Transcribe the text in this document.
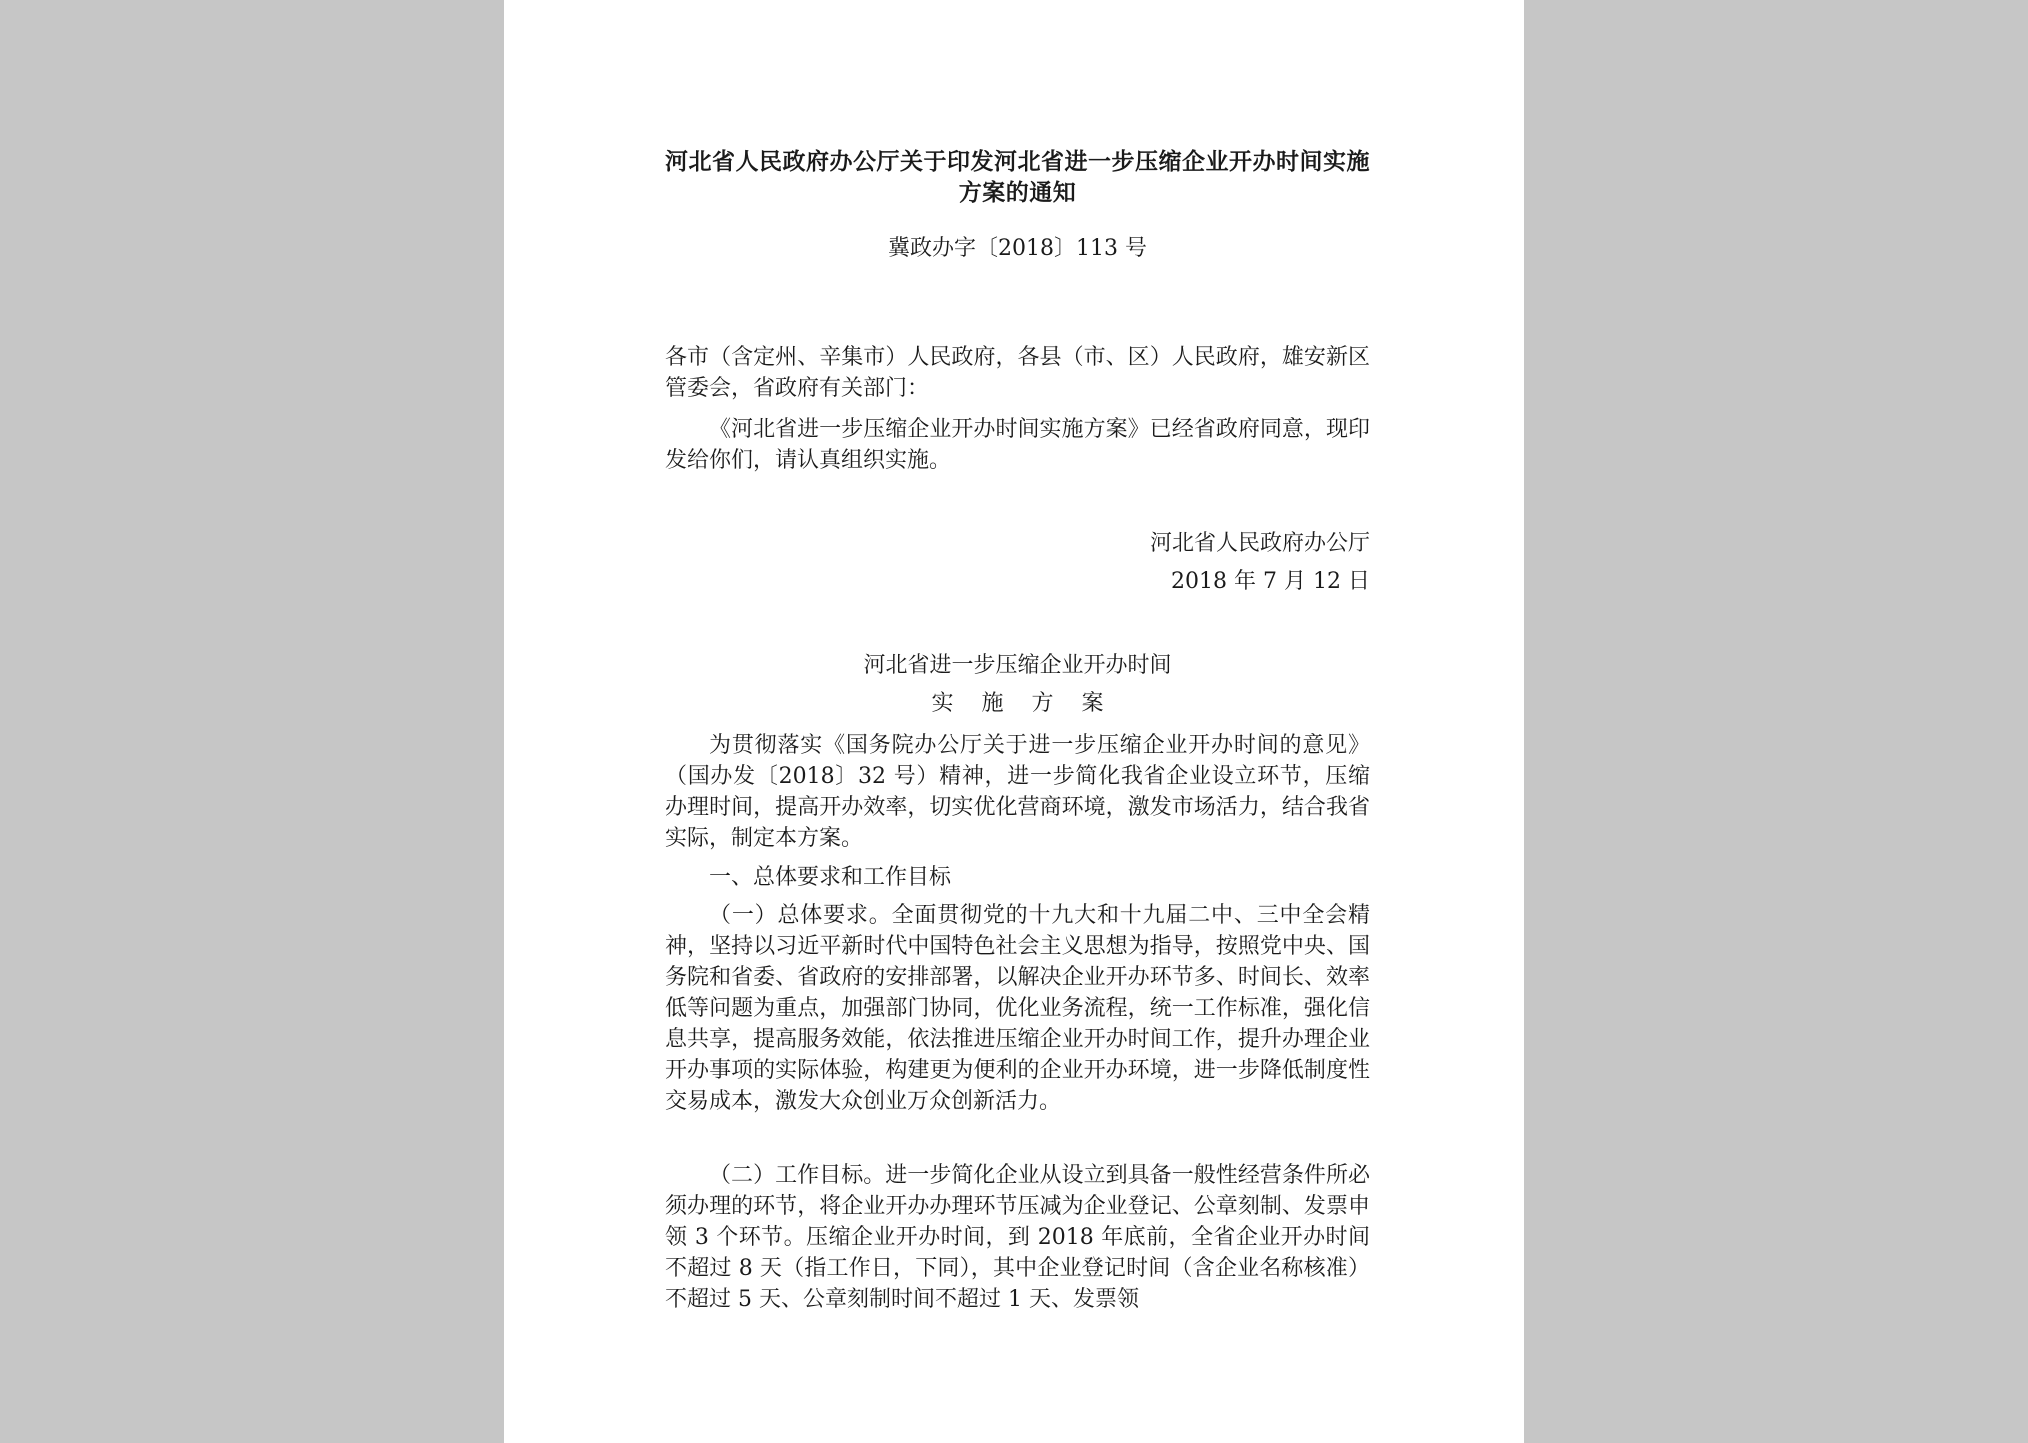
河北省人民政府办公厅关于印发河北省进一步压缩企业开办时间实施方案的通知
冀政办字〔2018〕113 号
各市（含定州、辛集市）人民政府，各县（市、区）人民政府，雄安新区管委会，省政府有关部门：
《河北省进一步压缩企业开办时间实施方案》已经省政府同意，现印发给你们，请认真组织实施。
河北省人民政府办公厅
2018 年 7 月 12 日
河北省进一步压缩企业开办时间
实施方案
为贯彻落实《国务院办公厅关于进一步压缩企业开办时间的意见》（国办发〔2018〕32 号）精神，进一步简化我省企业设立环节，压缩办理时间，提高开办效率，切实优化营商环境，激发市场活力，结合我省实际，制定本方案。
一、总体要求和工作目标
（一）总体要求。全面贯彻党的十九大和十九届二中、三中全会精神，坚持以习近平新时代中国特色社会主义思想为指导，按照党中央、国务院和省委、省政府的安排部署，以解决企业开办环节多、时间长、效率低等问题为重点，加强部门协同，优化业务流程，统一工作标准，强化信息共享，提高服务效能，依法推进压缩企业开办时间工作，提升办理企业开办事项的实际体验，构建更为便利的企业开办环境，进一步降低制度性交易成本，激发大众创业万众创新活力。
（二）工作目标。进一步简化企业从设立到具备一般性经营条件所必须办理的环节，将企业开办办理环节压减为企业登记、公章刻制、发票申领 3 个环节。压缩企业开办时间，到 2018 年底前，全省企业开办时间不超过 8 天（指工作日，下同），其中企业登记时间（含企业名称核准）不超过 5 天、公章刻制时间不超过 1 天、发票领
